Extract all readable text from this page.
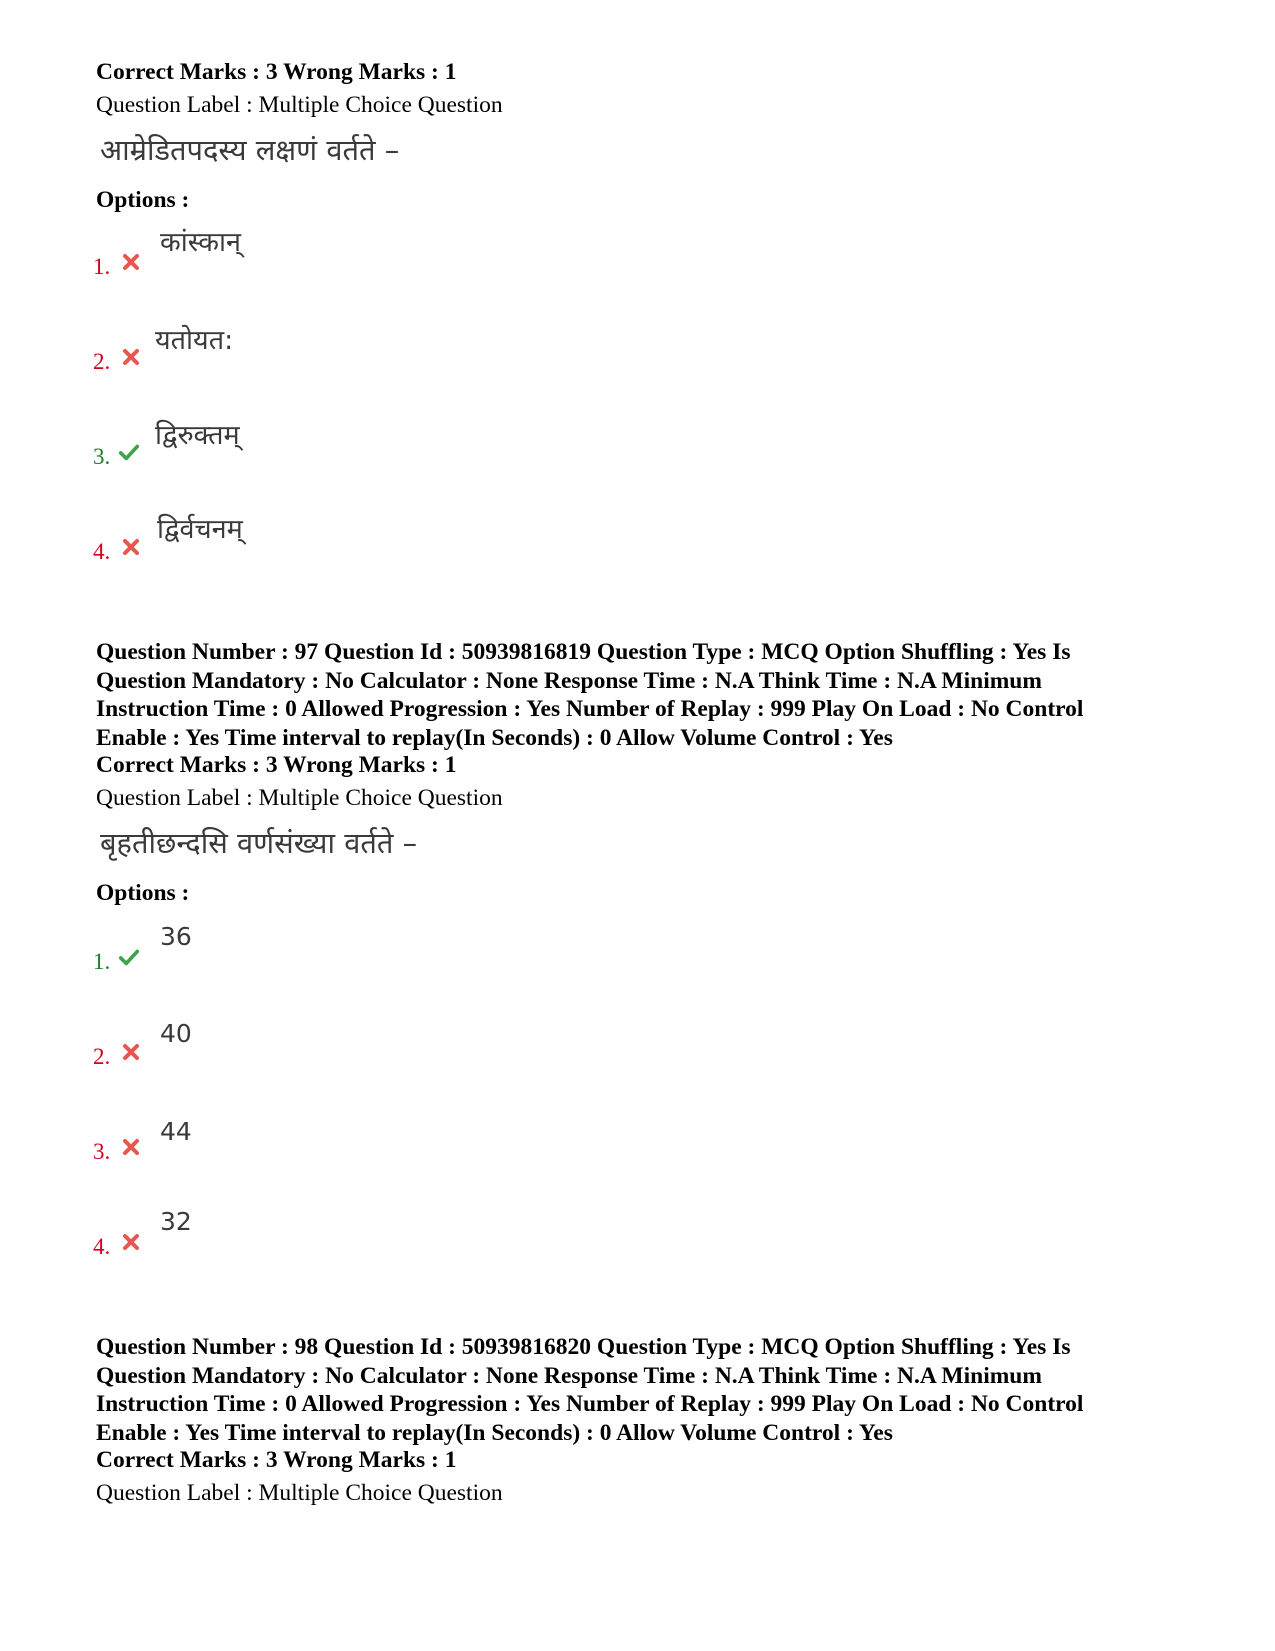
Correct Marks : 3 Wrong Marks : 1
Question Label : Multiple Choice Question
आम्रेडितपदस्य लक्षणं वर्तते –
Options :
1.
कांस्कान्
2.
यतोयत:
3.
द्विरुक्तम्
4.
द्विर्वचनम्
Question Number : 97 Question Id : 50939816819 Question Type : MCQ Option Shuffling : Yes Is
Question Mandatory : No Calculator : None Response Time : N.A Think Time : N.A Minimum
Instruction Time : 0 Allowed Progression : Yes Number of Replay : 999 Play On Load : No Control
Enable : Yes Time interval to replay(In Seconds) : 0 Allow Volume Control : Yes
Correct Marks : 3 Wrong Marks : 1
Question Label : Multiple Choice Question
बृहतीछन्दसि वर्णसंख्या वर्तते –
Options :
1.
36
2.
40
3.
44
4.
32
Question Number : 98 Question Id : 50939816820 Question Type : MCQ Option Shuffling : Yes Is
Question Mandatory : No Calculator : None Response Time : N.A Think Time : N.A Minimum
Instruction Time : 0 Allowed Progression : Yes Number of Replay : 999 Play On Load : No Control
Enable : Yes Time interval to replay(In Seconds) : 0 Allow Volume Control : Yes
Correct Marks : 3 Wrong Marks : 1
Question Label : Multiple Choice Question
